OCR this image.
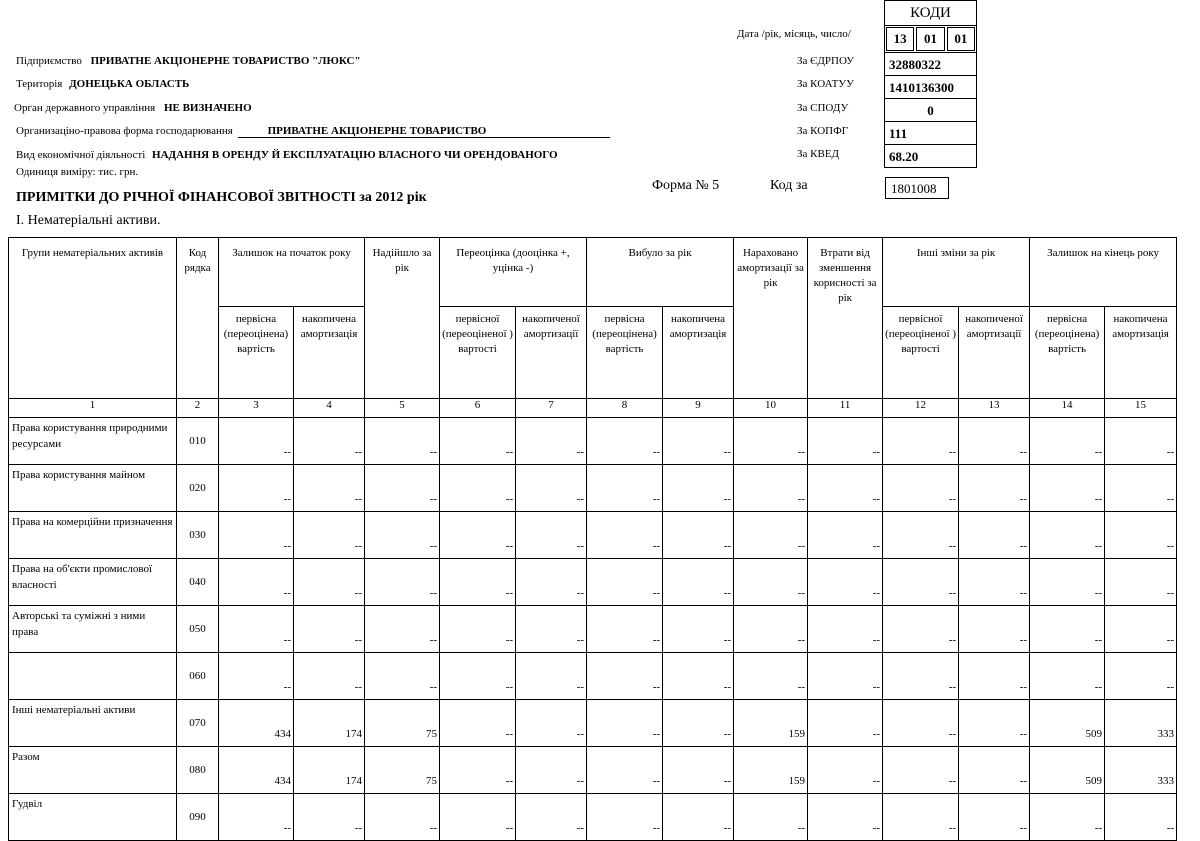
Підприємство ПРИВАТНЕ АКЦІОНЕРНЕ ТОВАРИСТВО "ЛЮКС"
Територія ДОНЕЦЬКА ОБЛАСТЬ
Орган державного управління НЕ ВИЗНАЧЕНО
Организаціно-правова форма господарювання	ПРИВАТНЕ АКЦІОНЕРНЕ ТОВАРИСТВО
Вид економічної діяльності НАДАННЯ В ОРЕНДУ Й ЕКСПЛУАТАЦІЮ ВЛАСНОГО ЧИ ОРЕНДОВАНОГО
Одиниця виміру: тис. грн.
Дата /рік, місяць, число/
За ЄДРПОУ
За КОАТУУ
За СПОДУ
За КОПФГ
За КВЕД
КОДИ
13	01	01
32880322
1410136300
0
111
68.20
ПРИМІТКИ ДО РІЧНОЇ ФІНАНСОВОЇ ЗВІТНОСТІ за 2012 рік
Форма № 5	Код за	1801008
I. Нематеріальні активи.
Групи нематеріальних активів	Код рядка	Залишок на початок року		Надійшло за рік	Переоцінка (дооцінка +, уцінка -)		Вибуло за рік		Нараховано амортизації за рік	Втрати від зменшення корисності за рік	Інші зміни за рік		Залишок на кінець року	
		первісна (переоцінена) вартість	накопичена амортизація		первісної (переоціненої ) вартості	накопиченої амортизації	первісна (переоцінена) вартість	накопичена амортизація			первісної (переоціненої ) вартості	накопиченої амортизації	первісна (переоцінена) вартість	накопичена амортизація
1	2	3	4	5	6	7	8	9	10	11	12	13	14	15
Права користування природними ресурсами	010	--	--	--	--	--	--	--	--	--	--	--	--	--
Права користування майном	020	--	--	--	--	--	--	--	--	--	--	--	--	--
Права на комерційни призначення	030	--	--	--	--	--	--	--	--	--	--	--	--	--
Права на об'єкти промислової власності	040	--	--	--	--	--	--	--	--	--	--	--	--	--
Авторські та суміжні з ними права	050	--	--	--	--	--	--	--	--	--	--	--	--	--
	060	--	--	--	--	--	--	--	--	--	--	--	--	--
Інші нематеріальні активи	070	434	174	75	--	--	--	--	159	--	--	--	509	333
Разом	080	434	174	75	--	--	--	--	159	--	--	--	509	333
Гудвіл	090	--	--	--	--	--	--	--	--	--	--	--	--	--
